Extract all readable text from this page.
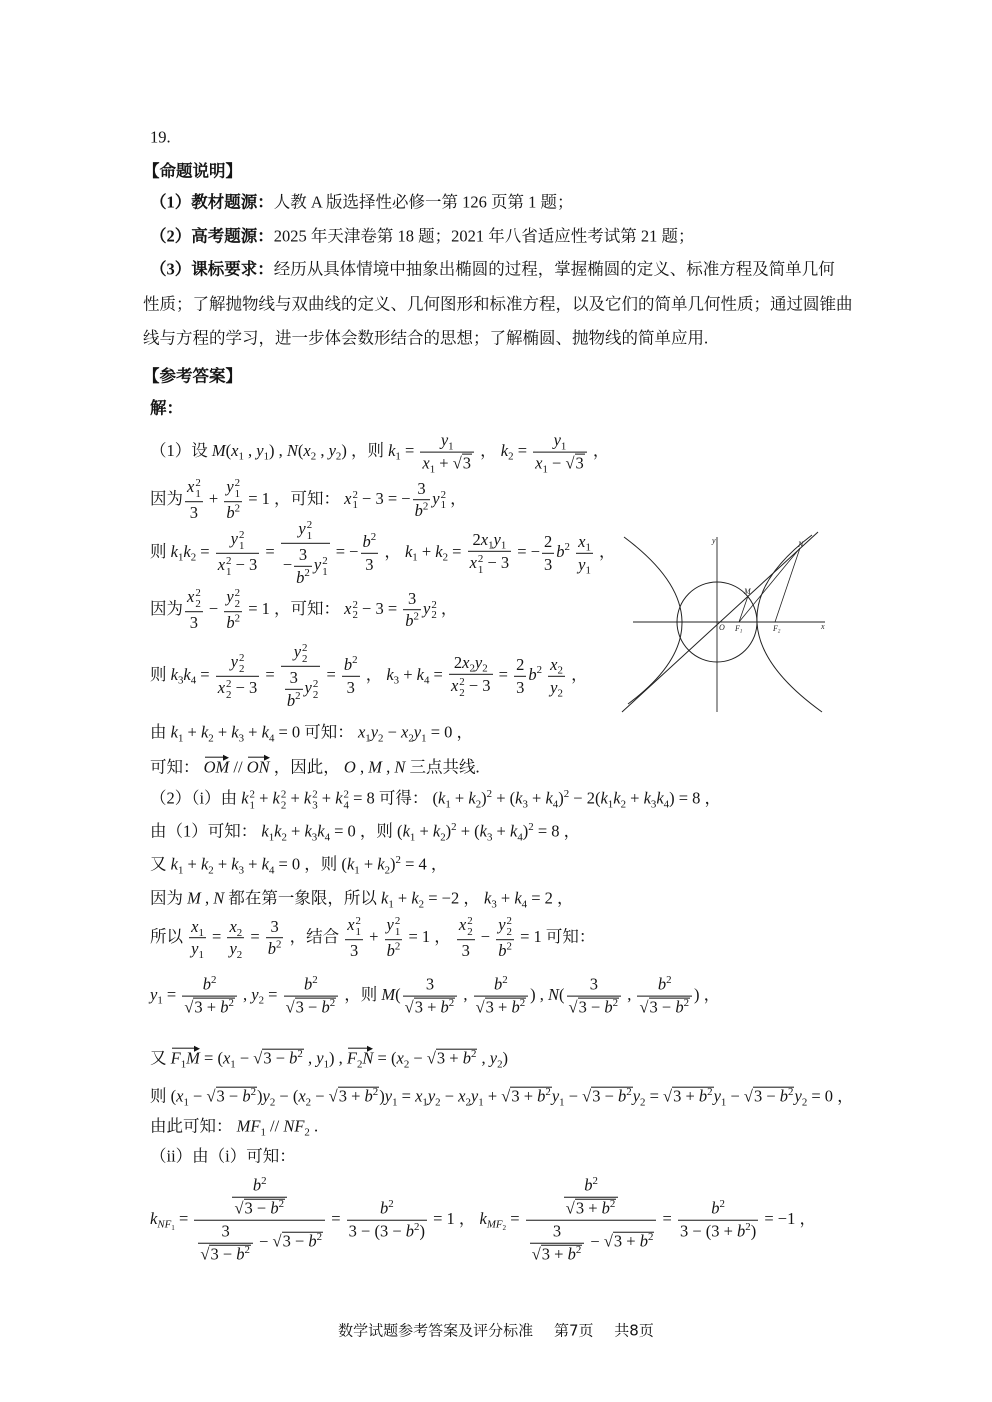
19.
【命题说明】
（1）教材题源：人教 A 版选择性必修一第 126 页第 1 题；
（2）高考题源：2025 年天津卷第 18 题；2021 年八省适应性考试第 21 题；
（3）课标要求：经历从具体情境中抽象出椭圆的过程，掌握椭圆的定义、标准方程及简单几何
性质；了解抛物线与双曲线的定义、几何图形和标准方程，以及它们的简单几何性质；通过圆锥曲
线与方程的学习，进一步体会数形结合的思想；了解椭圆、抛物线的简单应用.
【参考答案】
解：
（1）设 $M(x_1$ , $y_1$) , $N(x_2$ , $y_2$) ，则 $k_1 = \frac{y_1}{x_1 + √ 3}$ ， $k_2 = \frac{y_1}{x_1 - √ 3}$ ，
因为 x 2
1
3 + y 2
1
$b^2 = 1$ ，可知： x 2
1 − 3 = − $\frac{3}{b^2}$ y 2
1 ，
则 $k_1k_2 = y$ 2
1
x 2
1 − 3 = y 2
1
− $\frac{3}{b^2}$ y 2
1 = − $\frac{b^2}{3}$ ， $k_1 + k_2 = 2x_1y_1$
x 2
1 − 3 = − $\frac{2}{3} b^2 \frac{x_1}{y_1}$ ，
因为 x 2
2
3 − y 2
2
$b^2 = 1$ ，可知： x 2
$2 - 3 = \frac{3}{b^2}$ y 2
2 ，
则 $k_3k_4 = y$ 2
2
x 2
2 − 3 = y 2
2
$\frac{3}{b^2}$ y 2
$2 = \frac{b^2}{3}$ ， $k_3 + k_4 = 2x_2y_2$
x 2
$2 - 3 = \frac{2}{3} b^2 \frac{x_2}{y_2}$ ，
由 $k_1 + k_2 + k_3 + k_4 = 0$ 可知： $x_1y_2 - x_2y_1 = 0$ ，
可知： OM // ON ，因此， O , M , N 三点共线.
（2）（i）由 k 2
1 + k 2
2 + k 2
3 + k 2
4 = 8 可得： $(k_1 + k_2)^2 + (k_3 + k_4)^2 - 2(k_1k_2 + k_3k_4) = 8$ ，
由（1）可知： $k_1k_2 + k_3k_4 = 0$ ，则 $(k_1 + k_2)^2 + (k_3 + k_4)^2 = 8$ ，
又 $k_1 + k_2 + k_3 + k_4 = 0$ ，则 $(k_1 + k_2)^2 = 4$ ，
因为 M , N 都在第一象限，所以 $k_1 + k_2 = -2$ ， $k_3 + k_4 = 2$ ，
所以 $\frac{x_1}{y_1} = \frac{x_2}{y_2} = \frac{3}{b^2}$ ，结合 x 2
1
3 + y 2
1
$b^2 = 1$ ， x 2
2
3 − y 2
2
$b^2 = 1$ 可知：
$y_1 = b^2$
√ $3 + b^2$ , $y_2 = b^2$
√ $3 - b^2$ ，则 M( 3
√ $3 + b^2$ , $b^2$
√ $3 + b^2$ ) , N( 3
√ $3 - b^2$ , $b^2$
√ $3 - b^2$ ) ，
又 $F_1M = (x_1$ − √ $3 - b^2$ , $y_1$) , $F_2N = (x_2$ − √ $3 + b^2$ , $y_2$)
则 ($x_1$ − √ $3 - b^2)y_2 - (x_2$ − √ $3 + b^2)y_1 = x_1y_2 - x_2y_1$ + √ $3 + b^2y_1$ − √ $3 - b^2y_2$ = √ $3 + b^2y_1$ − √ $3 - b^2y_2 = 0$ ，
由此可知： $MF_1 // NF_2$ .
（ii）由（i）可知：
$k_{NF_1} = b^2$
√ $3 - b^2$
3
√ $3 - b^2$ − √ $3 - b^2 = \frac{b^2}{3 - (3 - b^2)} = 1$ ， $k_{MF_2} = b^2$
√ $3 + b^2$
3
√ $3 + b^2$ − √ $3 + b^2 = \frac{b^2}{3 - (3 + b^2)} = -1$ ，
y
x
O F1	F2
M
N
数学试题参考答案及评分标准 第7页 共8页
